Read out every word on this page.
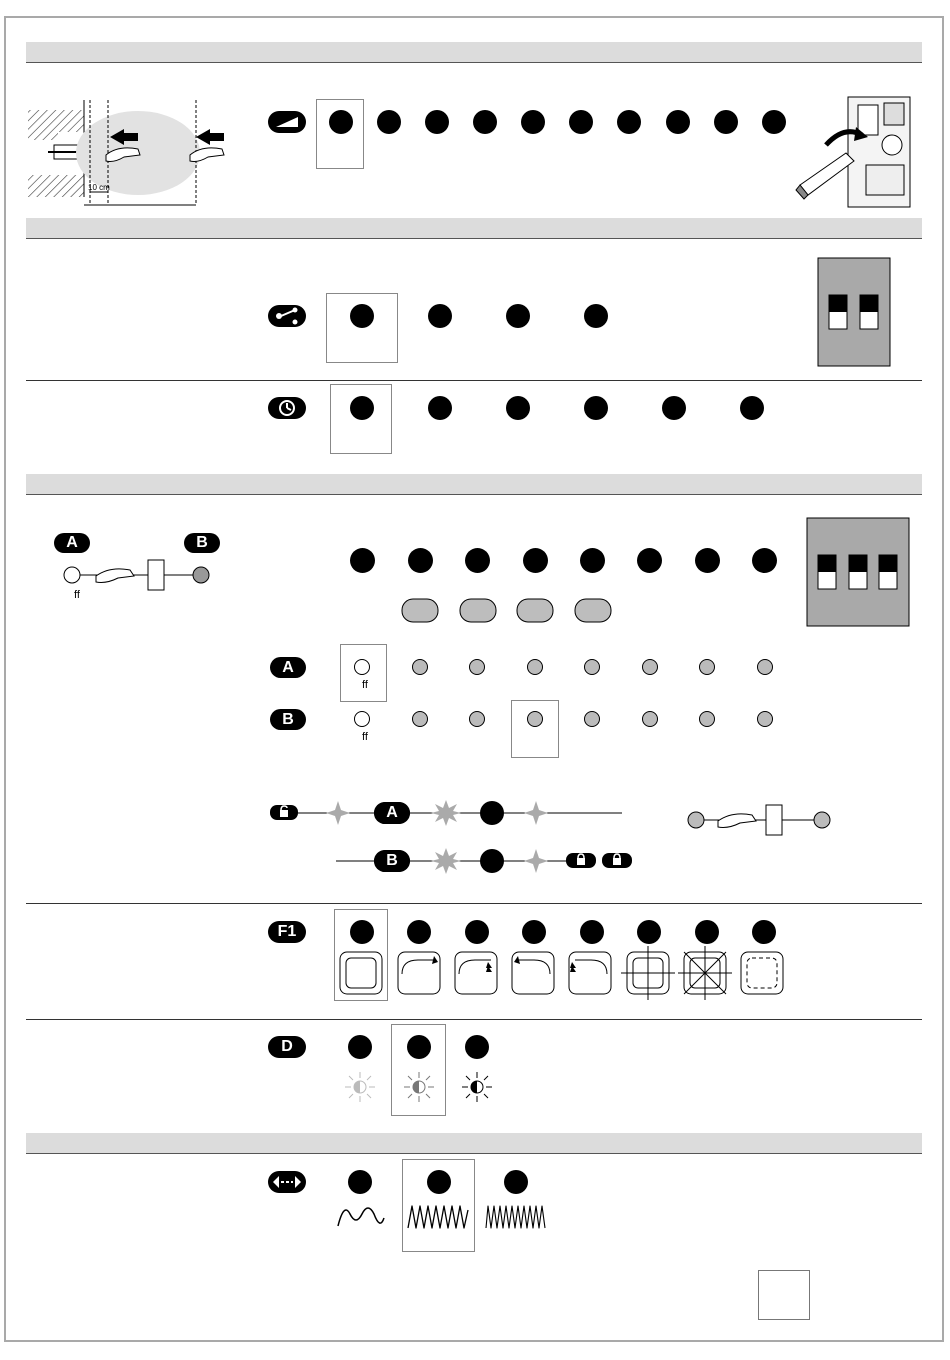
10 cm
A	B
ff
A
ff
B
ff
A
B
F1
D
